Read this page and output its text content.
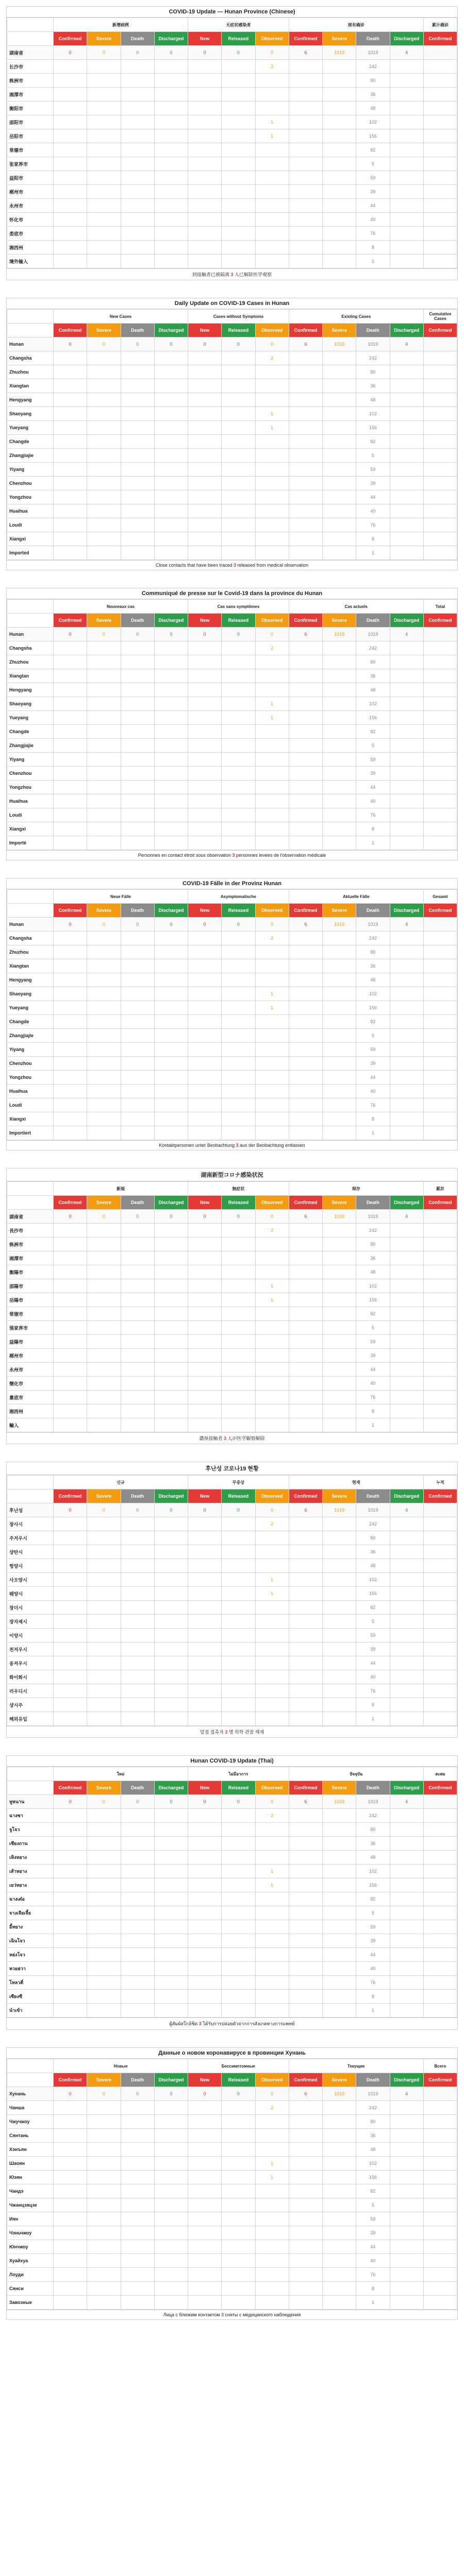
COVID-19 Update — Hunan Province (Chinese)
	新增病例				无症状感染者			现有确诊				累计确诊
	Confirmed	Severe	Death	Discharged	New	Released	Observed	Confirmed	Severe	Death	Discharged	Confirmed
湖南省	0	0	0	0	0	0	0	6	1019	1019	4	
长沙市							2			242		
株洲市										80		
湘潭市										36		
衡阳市										48		
邵阳市							1			102		
岳阳市							1			156		
常德市										82		
张家界市										5		
益阳市										59		
郴州市										39		
永州市										44		
怀化市										40		
娄底市										76		
湘西州										8		
境外输入										1		
到接触者已被隔离 3 人已解除医学观察
Daily Update on COVID-19 Cases in Hunan
	New Cases				Cases without Symptoms			Existing Cases				Cumulative Cases
	Confirmed	Severe	Death	Discharged	New	Released	Observed	Confirmed	Severe	Death	Discharged	Confirmed
Hunan	0	0	0	0	0	0	0	6	1019	1019	4	
Changsha							2			242		
Zhuzhou										80		
Xiangtan										36		
Hengyang										48		
Shaoyang							1			102		
Yueyang							1			156		
Changde										82		
Zhangjiajie										5		
Yiyang										59		
Chenzhou										39		
Yongzhou										44		
Huaihua										40		
Loudi										76		
Xiangxi										8		
Imported										1		
Close contacts that have been traced 3 released from medical observation
Communiqué de presse sur le Covid-19 dans la province du Hunan
	Nouveaux cas				Cas sans symptômes			Cas actuels				Total
	Confirmed	Severe	Death	Discharged	New	Released	Observed	Confirmed	Severe	Death	Discharged	Confirmed
Hunan	0	0	0	0	0	0	0	6	1019	1019	4	
Changsha							2			242		
Zhuzhou										80		
Xiangtan										36		
Hengyang										48		
Shaoyang							1			102		
Yueyang							1			156		
Changde										82		
Zhangjiajie										5		
Yiyang										59		
Chenzhou										39		
Yongzhou										44		
Huaihua										40		
Loudi										76		
Xiangxi										8		
Importé										1		
Personnes en contact étroit sous observation 3 personnes levées de l'observation médicale
COVID-19 Fälle in der Provinz Hunan
	Neue Fälle				Asymptomatische			Aktuelle Fälle				Gesamt
	Confirmed	Severe	Death	Discharged	New	Released	Observed	Confirmed	Severe	Death	Discharged	Confirmed
Hunan	0	0	0	0	0	0	0	6	1019	1019	4	
Changsha							2			242		
Zhuzhou										80		
Xiangtan										36		
Hengyang										48		
Shaoyang							1			102		
Yueyang							1			156		
Changde										82		
Zhangjiajie										5		
Yiyang										59		
Chenzhou										39		
Yongzhou										44		
Huaihua										40		
Loudi										76		
Xiangxi										8		
Importiert										1		
Kontaktpersonen unter Beobachtung 3 aus der Beobachtung entlassen
湖南新型コロナ感染状況
	新規				無症状			現存				累計
	Confirmed	Severe	Death	Discharged	New	Released	Observed	Confirmed	Severe	Death	Discharged	Confirmed
湖南省	0	0	0	0	0	0	0	6	1019	1019	4	
長沙市							2			242		
株洲市										80		
湘潭市										36		
衡陽市										48		
邵陽市							1			102		
岳陽市							1			156		
常徳市										82		
張家界市										5		
益陽市										59		
郴州市										39		
永州市										44		
懐化市										40		
婁底市										76		
湘西州										8		
輸入										1		
濃厚接触者 3 人が医学観察解除
후난성 코로나19 현황
	신규				무증상			현재				누적
	Confirmed	Severe	Death	Discharged	New	Released	Observed	Confirmed	Severe	Death	Discharged	Confirmed
후난성	0	0	0	0	0	0	0	6	1019	1019	4	
창사시							2			242		
주저우시										80		
샹탄시										36		
헝양시										48		
사오양시							1			102		
웨양시							1			156		
창더시										82		
장자제시										5		
이양시										59		
천저우시										39		
융저우시										44		
화이화시										40		
러우디시										76		
샹시주										8		
해외유입										1		
밀접 접촉자 3 명 의학 관찰 해제
Hunan COVID-19 Update (Thai)
	ใหม่				ไม่มีอาการ			ปัจจุบัน				สะสม
	Confirmed	Severe	Death	Discharged	New	Released	Observed	Confirmed	Severe	Death	Discharged	Confirmed
หูหนาน	0	0	0	0	0	0	0	6	1019	1019	4	
ฉางซา							2			242		
จูโจว										80		
เซียงถาน										36		
เหิงหยาง										48		
เส้าหยาง							1			102		
เยว่หยาง							1			156		
ฉางเต๋อ										82		
จางเจียเจี้ย										5		
อี้หยาง										59		
เฉินโจว										39		
หย่งโจว										44		
หวยฮวา										40		
โหลวตี่										76		
เซียงซี										8		
นำเข้า										1		
ผู้สัมผัสใกล้ชิด 3 ได้รับการปล่อยตัวจากการสังเกตทางการแพทย์
Данные о новом коронавирусе в провинции Хунань
	Новые				Бессимптомные			Текущие				Всего
	Confirmed	Severe	Death	Discharged	New	Released	Observed	Confirmed	Severe	Death	Discharged	Confirmed
Хунань	0	0	0	0	0	0	0	6	1019	1019	4	
Чанша							2			242		
Чжучжоу										80		
Сянтань										36		
Хэнъян										48		
Шаоян							1			102		
Юэян							1			156		
Чандэ										82		
Чжанцзяцзе										5		
Иян										59		
Чэньчжоу										39		
Юнчжоу										44		
Хуайхуа										40		
Лоуди										76		
Сянси										8		
Завозные										1		
Лица с близким контактом 3 сняты с медицинского наблюдения
